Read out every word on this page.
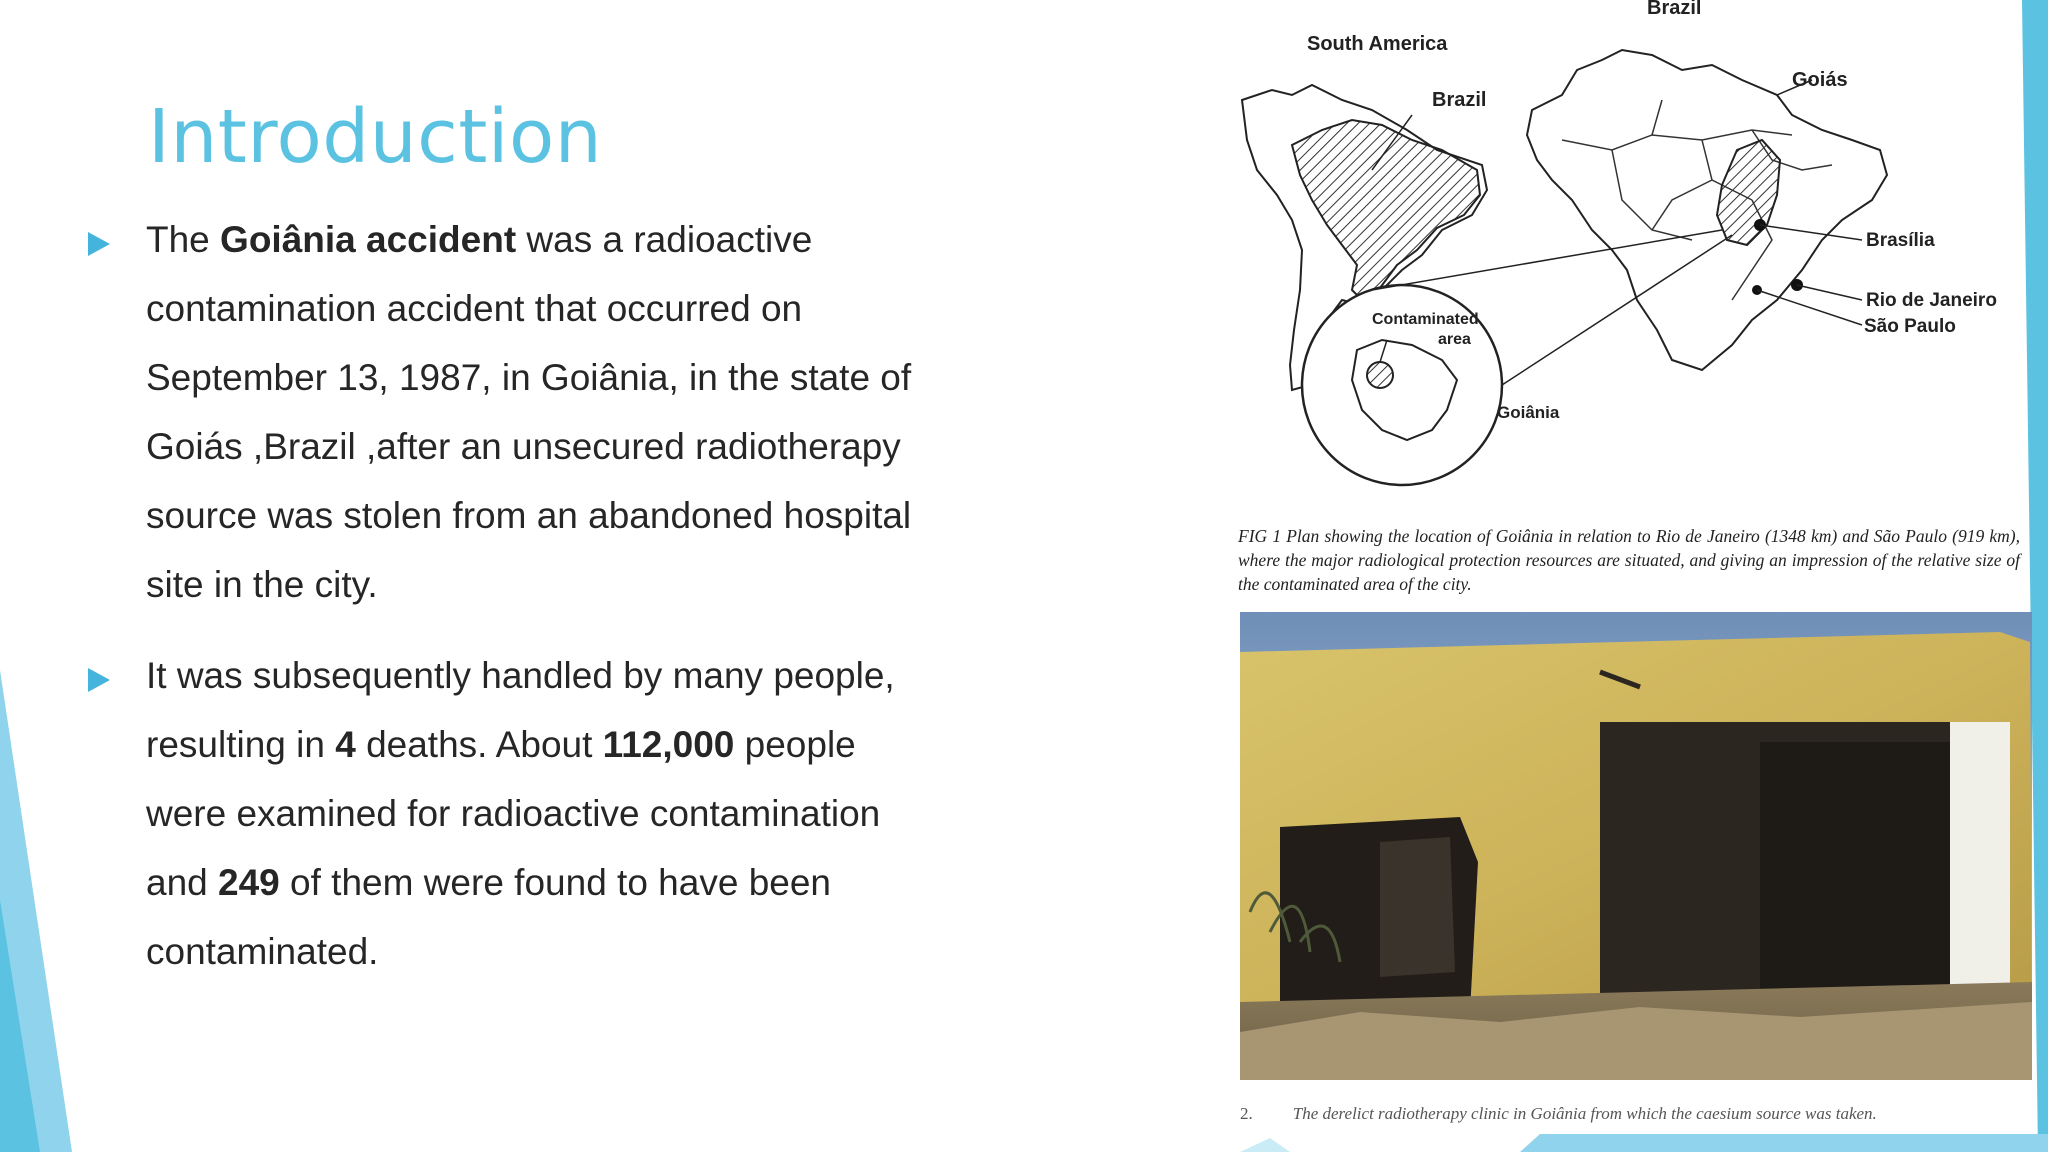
Introduction

The Goiânia accident was a radioactive contamination accident that occurred on September 13, 1987, in Goiânia, in the state of Goiás ,Brazil ,after an unsecured radiotherapy source was stolen from an abandoned hospital site in the city.

It was subsequently handled by many people, resulting in 4 deaths. About 112,000 people were examined for radioactive contamination and 249 of them were found to have been contaminated.

Brazil
South America
Brazil
Goiás
Brasília
Rio de Janeiro
São Paulo
Contaminated
area
Goiânia
FIG 1 Plan showing the location of Goiânia in relation to Rio de Janeiro (1348 km) and São Paulo (919 km), where the major radiological protection resources are situated, and giving an impression of the relative size of the contaminated area of the city.
2. The derelict radiotherapy clinic in Goiânia from which the caesium source was taken.
